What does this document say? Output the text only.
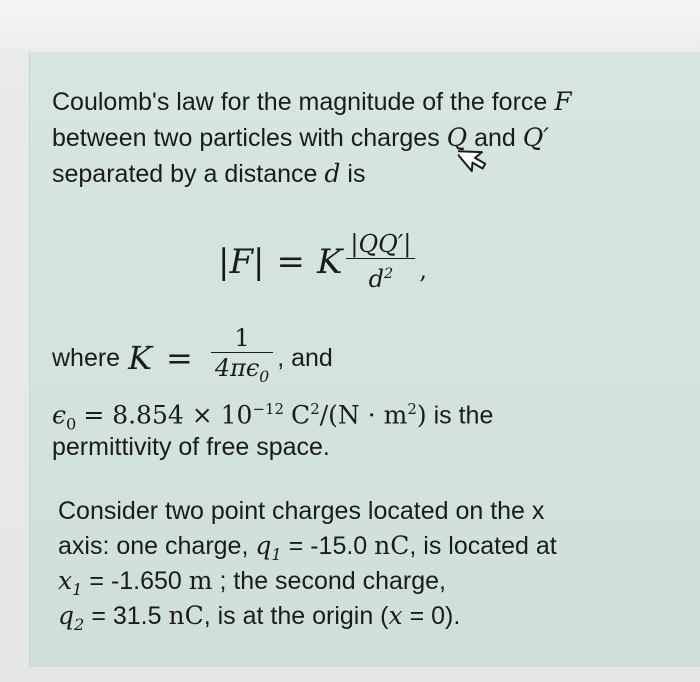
Coulomb's law for the magnitude of the force F
between two particles with charges Q and Q′
separated by a distance d is
|F| = K $\frac{|QQ'|}{d^2}$ ,
where $K = \frac{1}{4\pi\epsilon_0}$ , and
$\epsilon_0 = 8.854 \times 10^{-12}$ $C^2/(N \cdot m^2)$ is the
permittivity of free space.
Consider two point charges located on the x
axis: one charge, $q_1 = -15.0$ nC, is located at
$x_1 = -1.650$ m ; the second charge,
$q_2 = 31.5$ nC, is at the origin (x = 0).
